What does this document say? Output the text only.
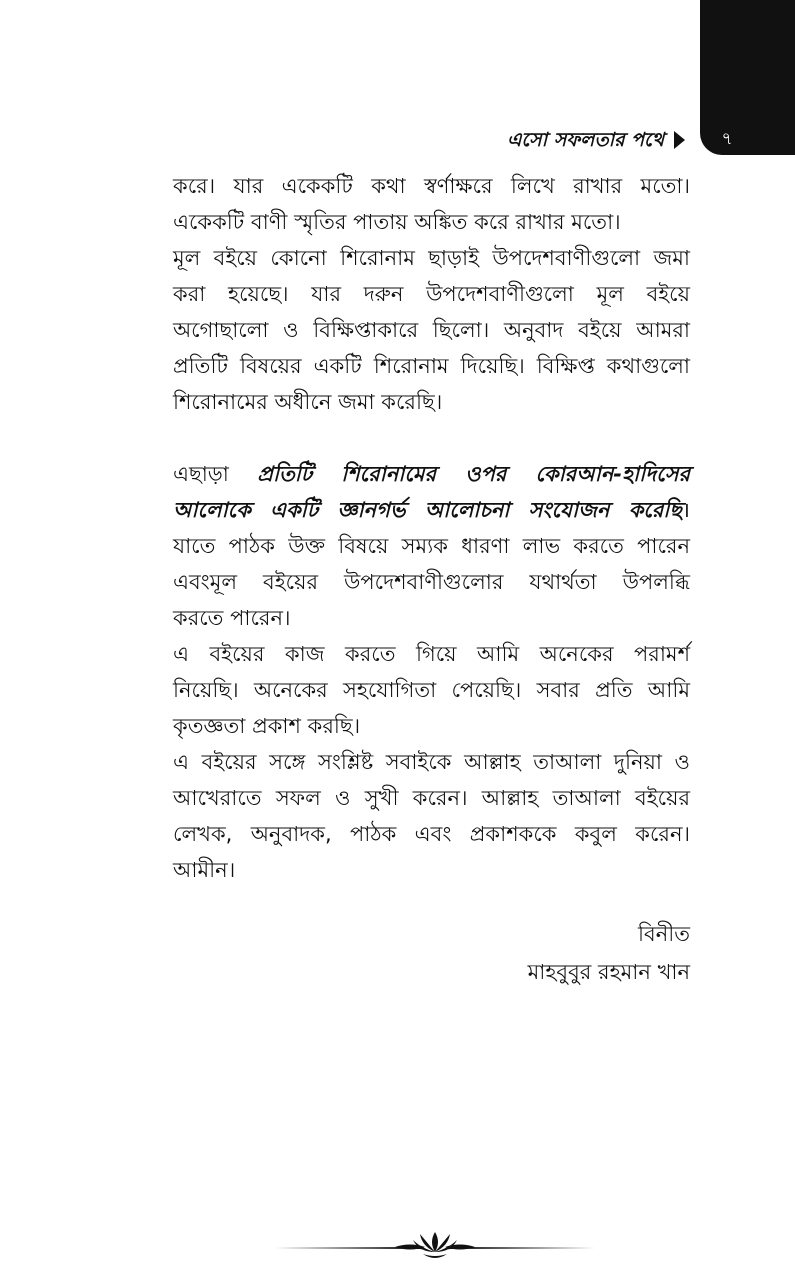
৭
এসো সফলতার পথে
করে। যার একেকটি কথা স্বর্ণাক্ষরে লিখে রাখার মতো।
একেকটি বাণী স্মৃতির পাতায় অঙ্কিত করে রাখার মতো।
মূল বইয়ে কোনো শিরোনাম ছাড়াই উপদেশবাণীগুলো জমা
করা হয়েছে। যার দরুন উপদেশবাণীগুলো মূল বইয়ে
অগোছালো ও বিক্ষিপ্তাকারে ছিলো। অনুবাদ বইয়ে আমরা
প্রতিটি বিষয়ের একটি শিরোনাম দিয়েছি। বিক্ষিপ্ত কথাগুলো
শিরোনামের অধীনে জমা করেছি।
এছাড়া প্রতিটি শিরোনামের ওপর কোরআন-হাদিসের
আলোকে একটি জ্ঞানগর্ভ আলোচনা সংযোজন করেছি।
যাতে পাঠক উক্ত বিষয়ে সম্যক ধারণা লাভ করতে পারেন
এবংমূল বইয়ের উপদেশবাণীগুলোর যথার্থতা উপলব্ধি
করতে পারেন।
এ বইয়ের কাজ করতে গিয়ে আমি অনেকের পরামর্শ
নিয়েছি। অনেকের সহযোগিতা পেয়েছি। সবার প্রতি আমি
কৃতজ্ঞতা প্রকাশ করছি।
এ বইয়ের সঙ্গে সংশ্লিষ্ট সবাইকে আল্লাহ তাআলা দুনিয়া ও
আখেরাতে সফল ও সুখী করেন। আল্লাহ তাআলা বইয়ের
লেখক, অনুবাদক, পাঠক এবং প্রকাশককে কবুল করেন।
আমীন।
বিনীত
মাহবুবুর রহমান খান
